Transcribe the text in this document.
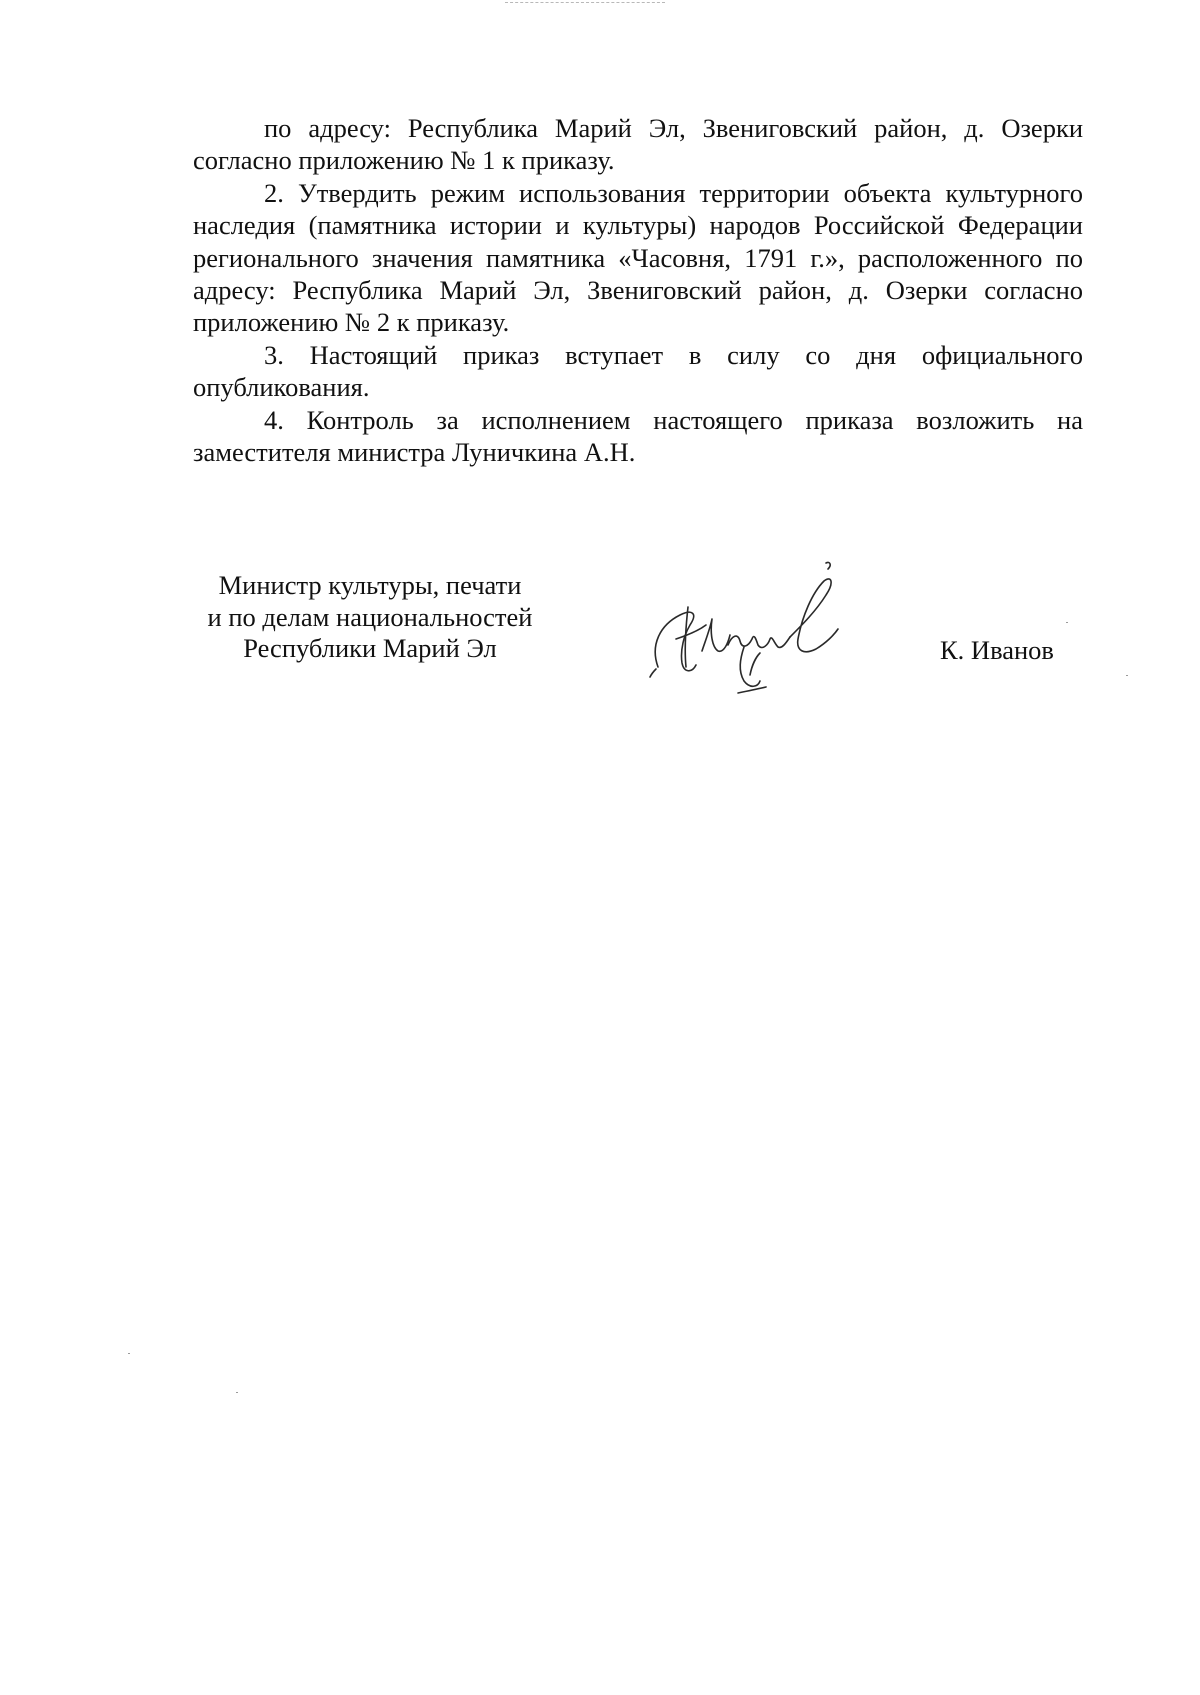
по адресу: Республика Марий Эл, Звениговский район, д. Озерки согласно приложению № 1 к приказу.

2. Утвердить режим использования территории объекта культурного наследия (памятника истории и культуры) народов Российской Федерации регионального значения памятника «Часовня, 1791 г.», расположенного по адресу: Республика Марий Эл, Звениговский район, д. Озерки согласно приложению № 2 к приказу.

3. Настоящий приказ вступает в силу со дня официального опубликования.

4. Контроль за исполнением настоящего приказа возложить на заместителя министра Луничкина А.Н.

Министр культуры, печати
и по делам национальностей
Республики Марий Эл	К. Иванов
